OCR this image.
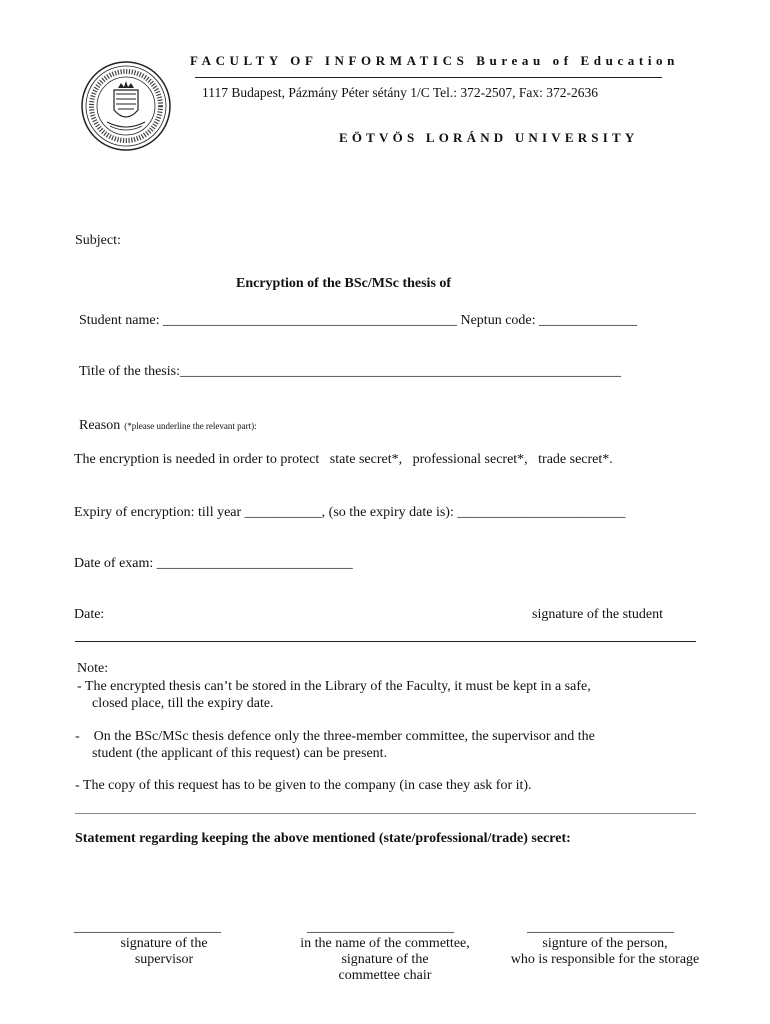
FACULTY OF INFORMATICS Bureau of Education
1117 Budapest, Pázmány Péter sétány 1/C Tel.: 372-2507, Fax: 372-2636
EÖTVÖS LORÁND UNIVERSITY
Subject:
Encryption of the BSc/MSc thesis of
Student name: __________________________________________ Neptun code: ______________
Title of the thesis:_______________________________________________________________
Reason (*please underline the relevant part):
The encryption is needed in order to protect   state secret*,   professional secret*,   trade secret*.
Expiry of encryption: till year ___________, (so the expiry date is): ________________________
Date of exam: ____________________________
Date:	signature of the student
Note:
- The encrypted thesis can’t be stored in the Library of the Faculty, it must be kept in a safe,
closed place, till the expiry date.
-    On the BSc/MSc thesis defence only the three-member committee, the supervisor and the
student (the applicant of this request) can be present.
- The copy of this request has to be given to the company (in case they ask for it).
Statement regarding keeping the above mentioned (state/professional/trade) secret:
_____________________	_____________________	_____________________
signature of the
supervisor
in the name of the commettee,
signature of the
commettee chair
signture of the person,
who is responsible for the storage
